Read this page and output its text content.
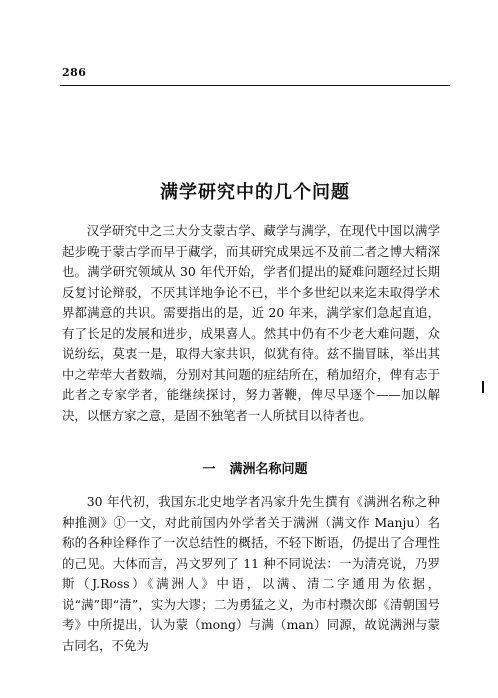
286
满学研究中的几个问题

汉学研究中之三大分支蒙古学、藏学与满学，在现代中国以满学起步晚于蒙古学而早于藏学，而其研究成果远不及前二者之博大精深也。满学研究领域从 30 年代开始，学者们提出的疑难问题经过长期反复讨论辩驳，不厌其详地争论不已，半个多世纪以来迄未取得学术界都满意的共识。需要指出的是，近 20 年来，满学家们急起直追，有了长足的发展和进步，成果喜人。然其中仍有不少老大难问题，众说纷纭，莫衷一是，取得大家共识，似犹有待。兹不揣冒昧，举出其中之荦荦大者数端，分别对其问题的症结所在，稍加绍介，俾有志于此者之专家学者，能继续探讨，努力著鞭，俾尽早逐个——加以解决，以惬方家之意，是固不独笔者一人所拭目以待者也。

一 满洲名称问题

30 年代初，我国东北史地学者冯家升先生撰有《满洲名称之种种推测》①一文，对此前国内外学者关于满洲（满文作 Manju）名称的各种诠释作了一次总结性的概括，不轻下断语，仍提出了合理性的己见。大体而言，冯文罗列了 11 种不同说法：一为清亮说，乃罗斯（J.Ross）《满洲人》中语，以满、清二字通用为依据，说“满”即“清”，实为大谬；二为勇猛之义，为市村瓒次郎《清朝国号考》中所提出，认为蒙（mong）与满（man）同源，故说满洲与蒙古同名，不免为
